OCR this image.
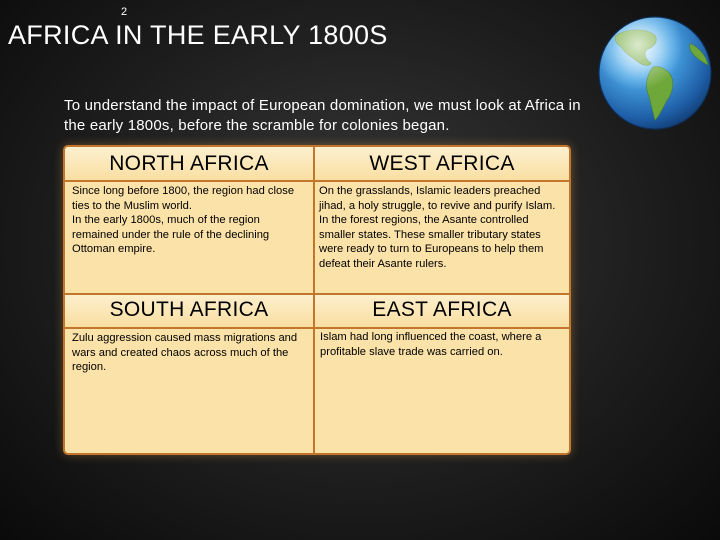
2
AFRICA IN THE EARLY 1800S

To understand the impact of European domination, we must look at Africa in the early 1800s, before the scramble for colonies began.

NORTH AFRICA	WEST AFRICA

Since long before 1800, the region had close ties to the Muslim world.

In the early 1800s, much of the region remained under the rule of the declining Ottoman empire.

On the grasslands, Islamic leaders preached jihad, a holy struggle, to revive and purify Islam.

In the forest regions, the Asante controlled smaller states. These smaller tributary states were ready to turn to Europeans to help them defeat their Asante rulers.

SOUTH AFRICA	EAST AFRICA

Zulu aggression caused mass migrations and wars and created chaos across much of the region.

Islam had long influenced the coast, where a profitable slave trade was carried on.
